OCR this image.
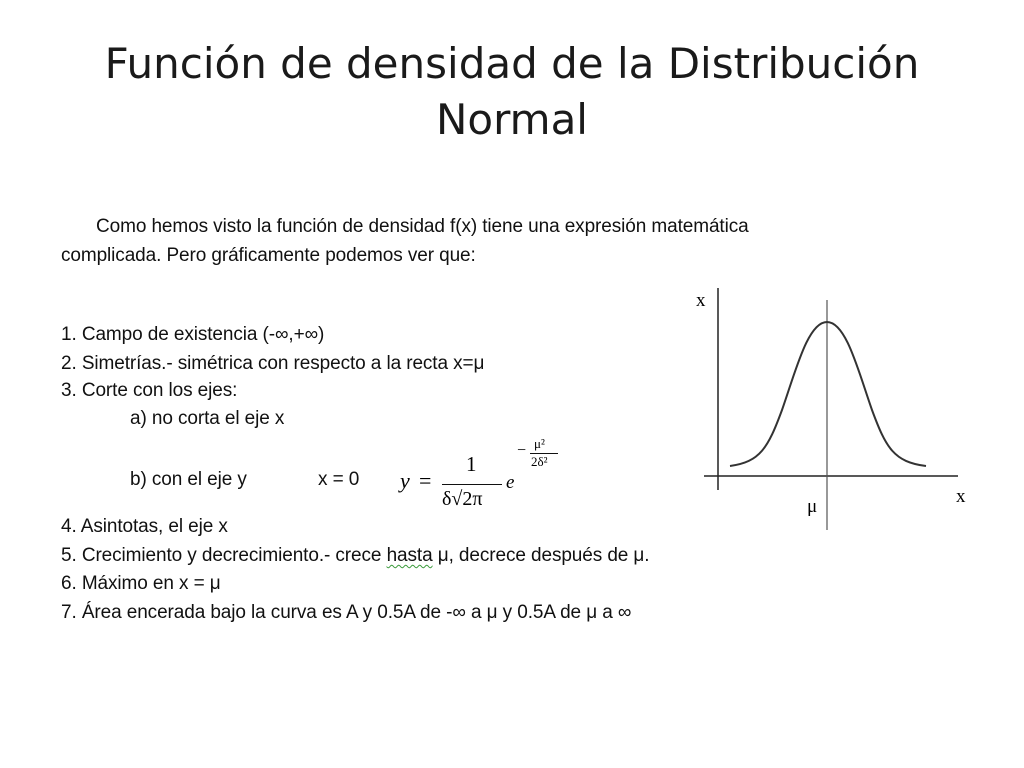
Función de densidad de la Distribución
Normal
Como hemos visto la función de densidad f(x) tiene una expresión matemática
complicada. Pero gráficamente podemos ver que:
1. Campo de existencia (-∞,+∞)
2. Simetrías.- simétrica con respecto a la recta x=μ
3. Corte con los ejes:
a) no corta el eje x
b) con el eje y	x = 0 y =
1
δ√2π
e
− μ²
2δ²
4. Asintotas, el eje x
5. Crecimiento y decrecimiento.- crece hasta μ, decrece después de μ.
6. Máximo en x = μ
7. Área encerada bajo la curva es A y 0.5A de -∞ a μ y 0.5A de μ a ∞
x
x
μ
